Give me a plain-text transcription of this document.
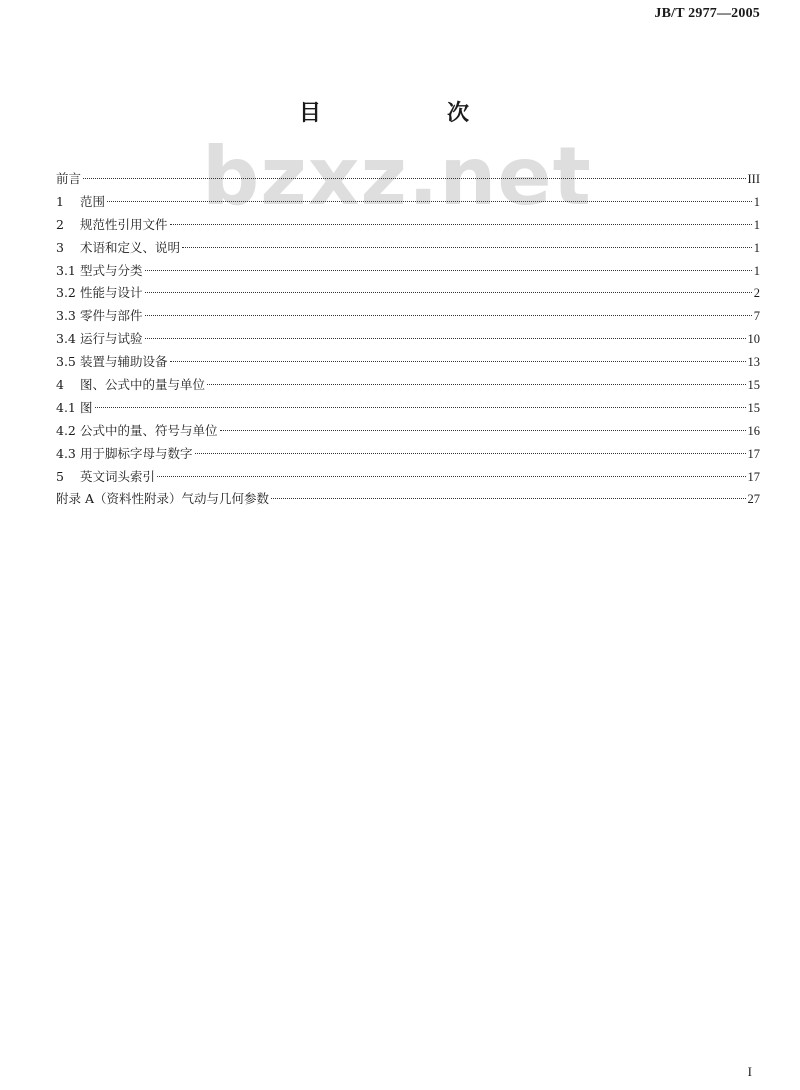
JB/T 2977—2005
bzxz.net
目　次
前言	III
1	范围	1
2	规范性引用文件	1
3	术语和定义、说明	1
3.1 型式与分类	1
3.2 性能与设计	2
3.3 零件与部件	7
3.4 运行与试验	10
3.5 装置与辅助设备	13
4	图、公式中的量与单位	15
4.1 图	15
4.2 公式中的量、符号与单位	16
4.3 用于脚标字母与数字	17
5	英文词头索引	17
附录 A（资料性附录）气动与几何参数	27
I
